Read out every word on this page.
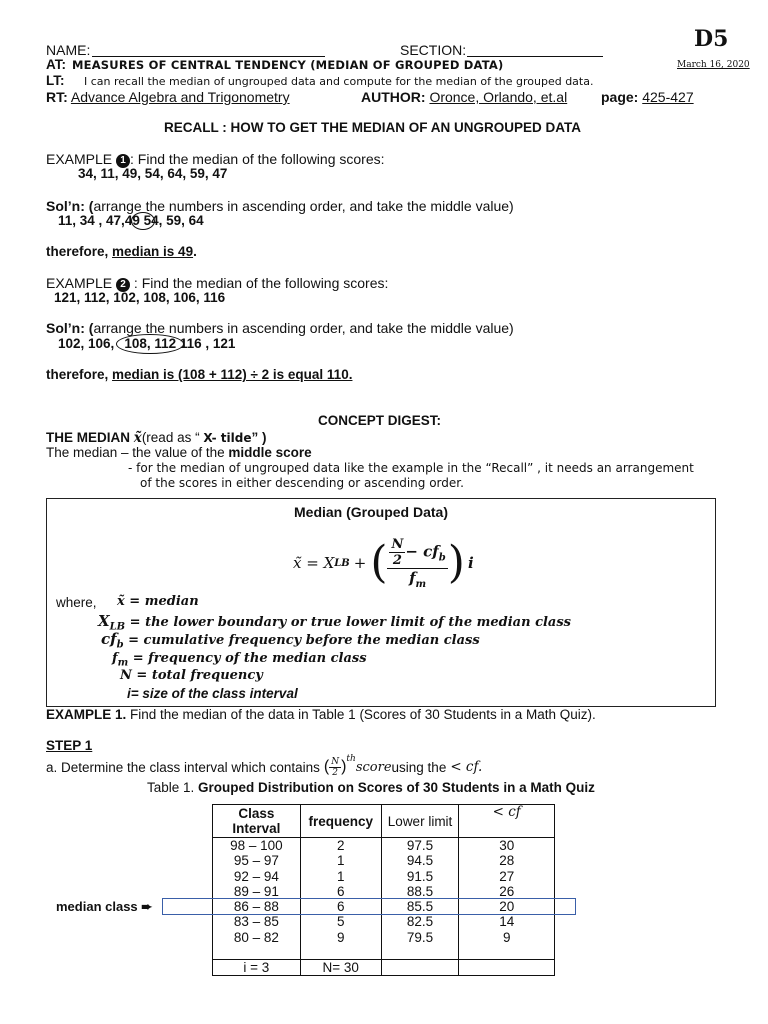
NAME:	SECTION:	D5
March 16, 2020
AT: MEASURES OF CENTRAL TENDENCY (MEDIAN OF GROUPED DATA)
LT: I can recall the median of ungrouped data and compute for the median of the grouped data.
RT: Advance Algebra and Trigonometry	AUTHOR: Oronce, Orlando, et.al page: 425-427
RECALL : HOW TO GET THE MEDIAN OF AN UNGROUPED DATA
EXAMPLE 1 : Find the median of the following scores:
34, 11, 49, 54, 64, 59, 47
Sol’n: (arrange the numbers in ascending order, and take the middle value)
11, 34 , 47,49 54, 59, 64
therefore, median is 49.
EXAMPLE 2 : Find the median of the following scores:
121, 112, 102, 108, 106, 116
Sol’n: (arrange the numbers in ascending order, and take the middle value)
102, 106, 108, 112 116 , 121
therefore, median is (108 + 112) ÷ 2 is equal 110.
CONCEPT DIGEST:
THE MEDIAN x̃(read as “ X- tilde” )
The median – the value of the middle score
- for the median of ungrouped data like the example in the “Recall” , it needs an arrangement
of the scores in either descending or ascending order.
Median (Grouped Data)
x̃ = X LB + ( $\frac{\frac{N}{2} - cf_b}{f_m}$ ) i
where, x̃ = median
$X_{LB}$ = the lower boundary or true lower limit of the median class
$cf_b$ = cumulative frequency before the median class
$f_m$ = frequency of the median class
N = total frequency
i= size of the class interval
EXAMPLE 1. Find the median of the data in Table 1 (Scores of 30 Students in a Math Quiz).
STEP 1
a. Determine the class interval which contains ( $\frac{N}{2} )^{th}$
score using the < cf.
Table 1. Grouped Distribution on Scores of 30 Students in a Math Quiz
Class Interval	frequency	Lower limit	< cf
98 – 100	2	97.5	30
95 – 97	1	94.5	28
92 – 94	1	91.5	27
89 – 91	6	88.5	26
86 – 88	6	85.5	20
83 – 85	5	82.5	14
80 – 82	9	79.5	9

i = 3	N= 30		
median class ➨
